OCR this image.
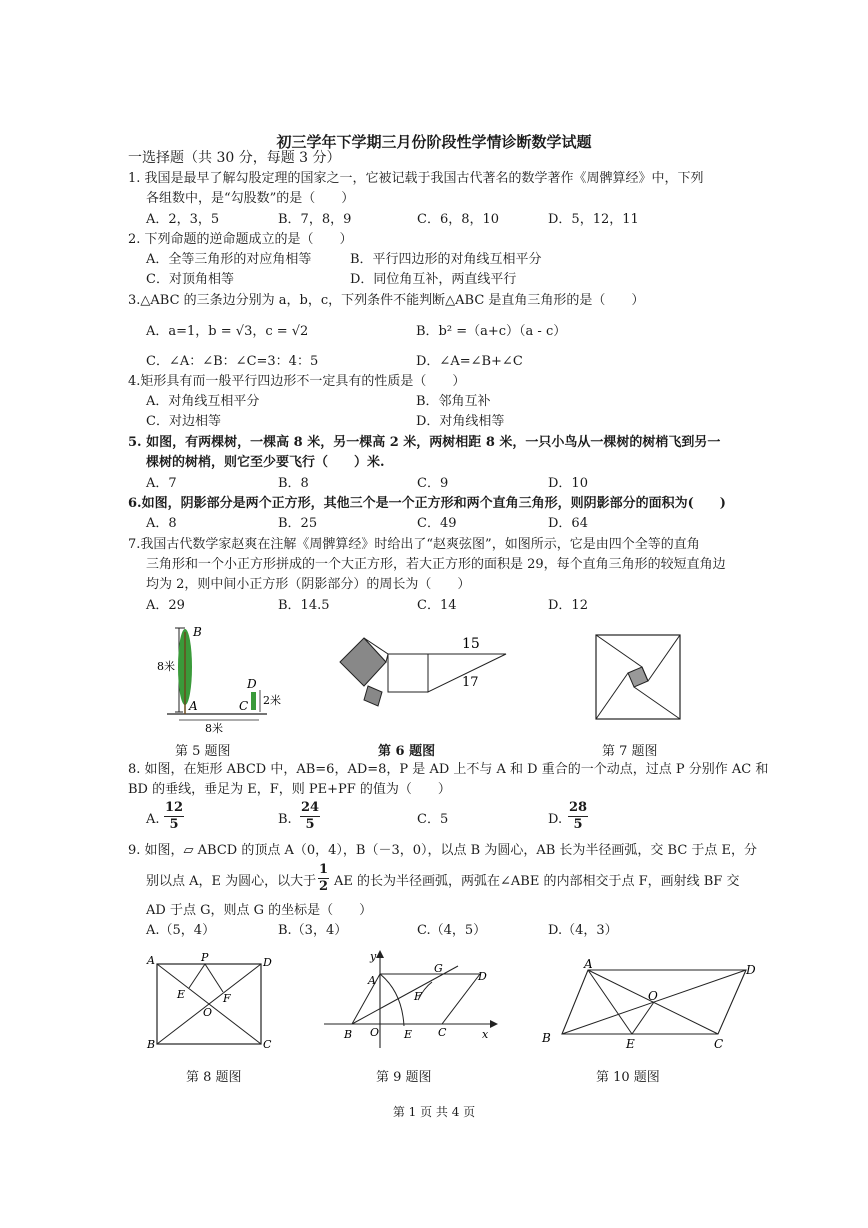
初三学年下学期三月份阶段性学情诊断数学试题
一选择题（共 30 分，每题 3 分）
1. 我国是最早了解勾股定理的国家之一，它被记载于我国古代著名的数学著作《周髀算经》中，下列
各组数中，是“勾股数”的是（　　）
A．2，3，5	B．7，8，9	C．6，8，10	D．5，12，11
2. 下列命题的逆命题成立的是（　　）
A．全等三角形的对应角相等	B．平行四边形的对角线互相平分
C．对顶角相等	D．同位角互补，两直线平行
3.△ABC 的三条边分别为 a，b，c，下列条件不能判断△ABC 是直角三角形的是（　　）
A．a=1，b = √3，c = √2	B．b² =（a+c）（a - c）
C．∠A：∠B：∠C=3：4：5	D．∠A=∠B+∠C
4.矩形具有而一般平行四边形不一定具有的性质是（　　）
A．对角线互相平分	B．邻角互补
C．对边相等	D．对角线相等
5. 如图，有两棵树，一棵高 8 米，另一棵高 2 米，两树相距 8 米，一只小鸟从一棵树的树梢飞到另一
棵树的树梢，则它至少要飞行（　　）米.
A．7	B．8	C．9	D．10
6.如图，阴影部分是两个正方形，其他三个是一个正方形和两个直角三角形，则阴影部分的面积为(　　)
A．8	B．25	C．49	D．64
7.我国古代数学家赵爽在注解《周髀算经》时给出了“赵爽弦图”，如图所示，它是由四个全等的直角
三角形和一个小正方形拼成的一个大正方形，若大正方形的面积是 29，每个直角三角形的较短直角边
均为 2，则中间小正方形（阴影部分）的周长为（　　）
A．29	B．14.5	C．14	D．12
B
A
D
C
8米
2米
8米
第 5 题图
15
17
第 6 题图	第 7 题图
8. 如图，在矩形 ABCD 中，AB=6，AD=8，P 是 AD 上不与 A 和 D 重合的一个动点，过点 P 分别作 AC 和
BD 的垂线，垂足为 E，F，则 PE+PF 的值为（　　）
A. $\frac{12}{5}$	B. $\frac{24}{5}$	C．5	D. $\frac{28}{5}$
9. 如图，▱ ABCD 的顶点 A（0，4），B（－3，0），以点 B 为圆心，AB 长为半径画弧，交 BC 于点 E，分
别以点 A，E 为圆心，以大于 $\frac{1}{2}$ AE 的长为半径画弧，两弧在∠ABE 的内部相交于点 F，画射线 BF 交
AD 于点 G，则点 G 的坐标是（　　）
A.（5，4）	B.（3，4）	C.（4，5）	D.（4，3）
A	P	D
E	F
O
B	C
第 8 题图
y
A
G
D
F
B O E C	x
第 9 题图
A	D
O
B	E	C
第 10 题图
第 1 页 共 4 页
